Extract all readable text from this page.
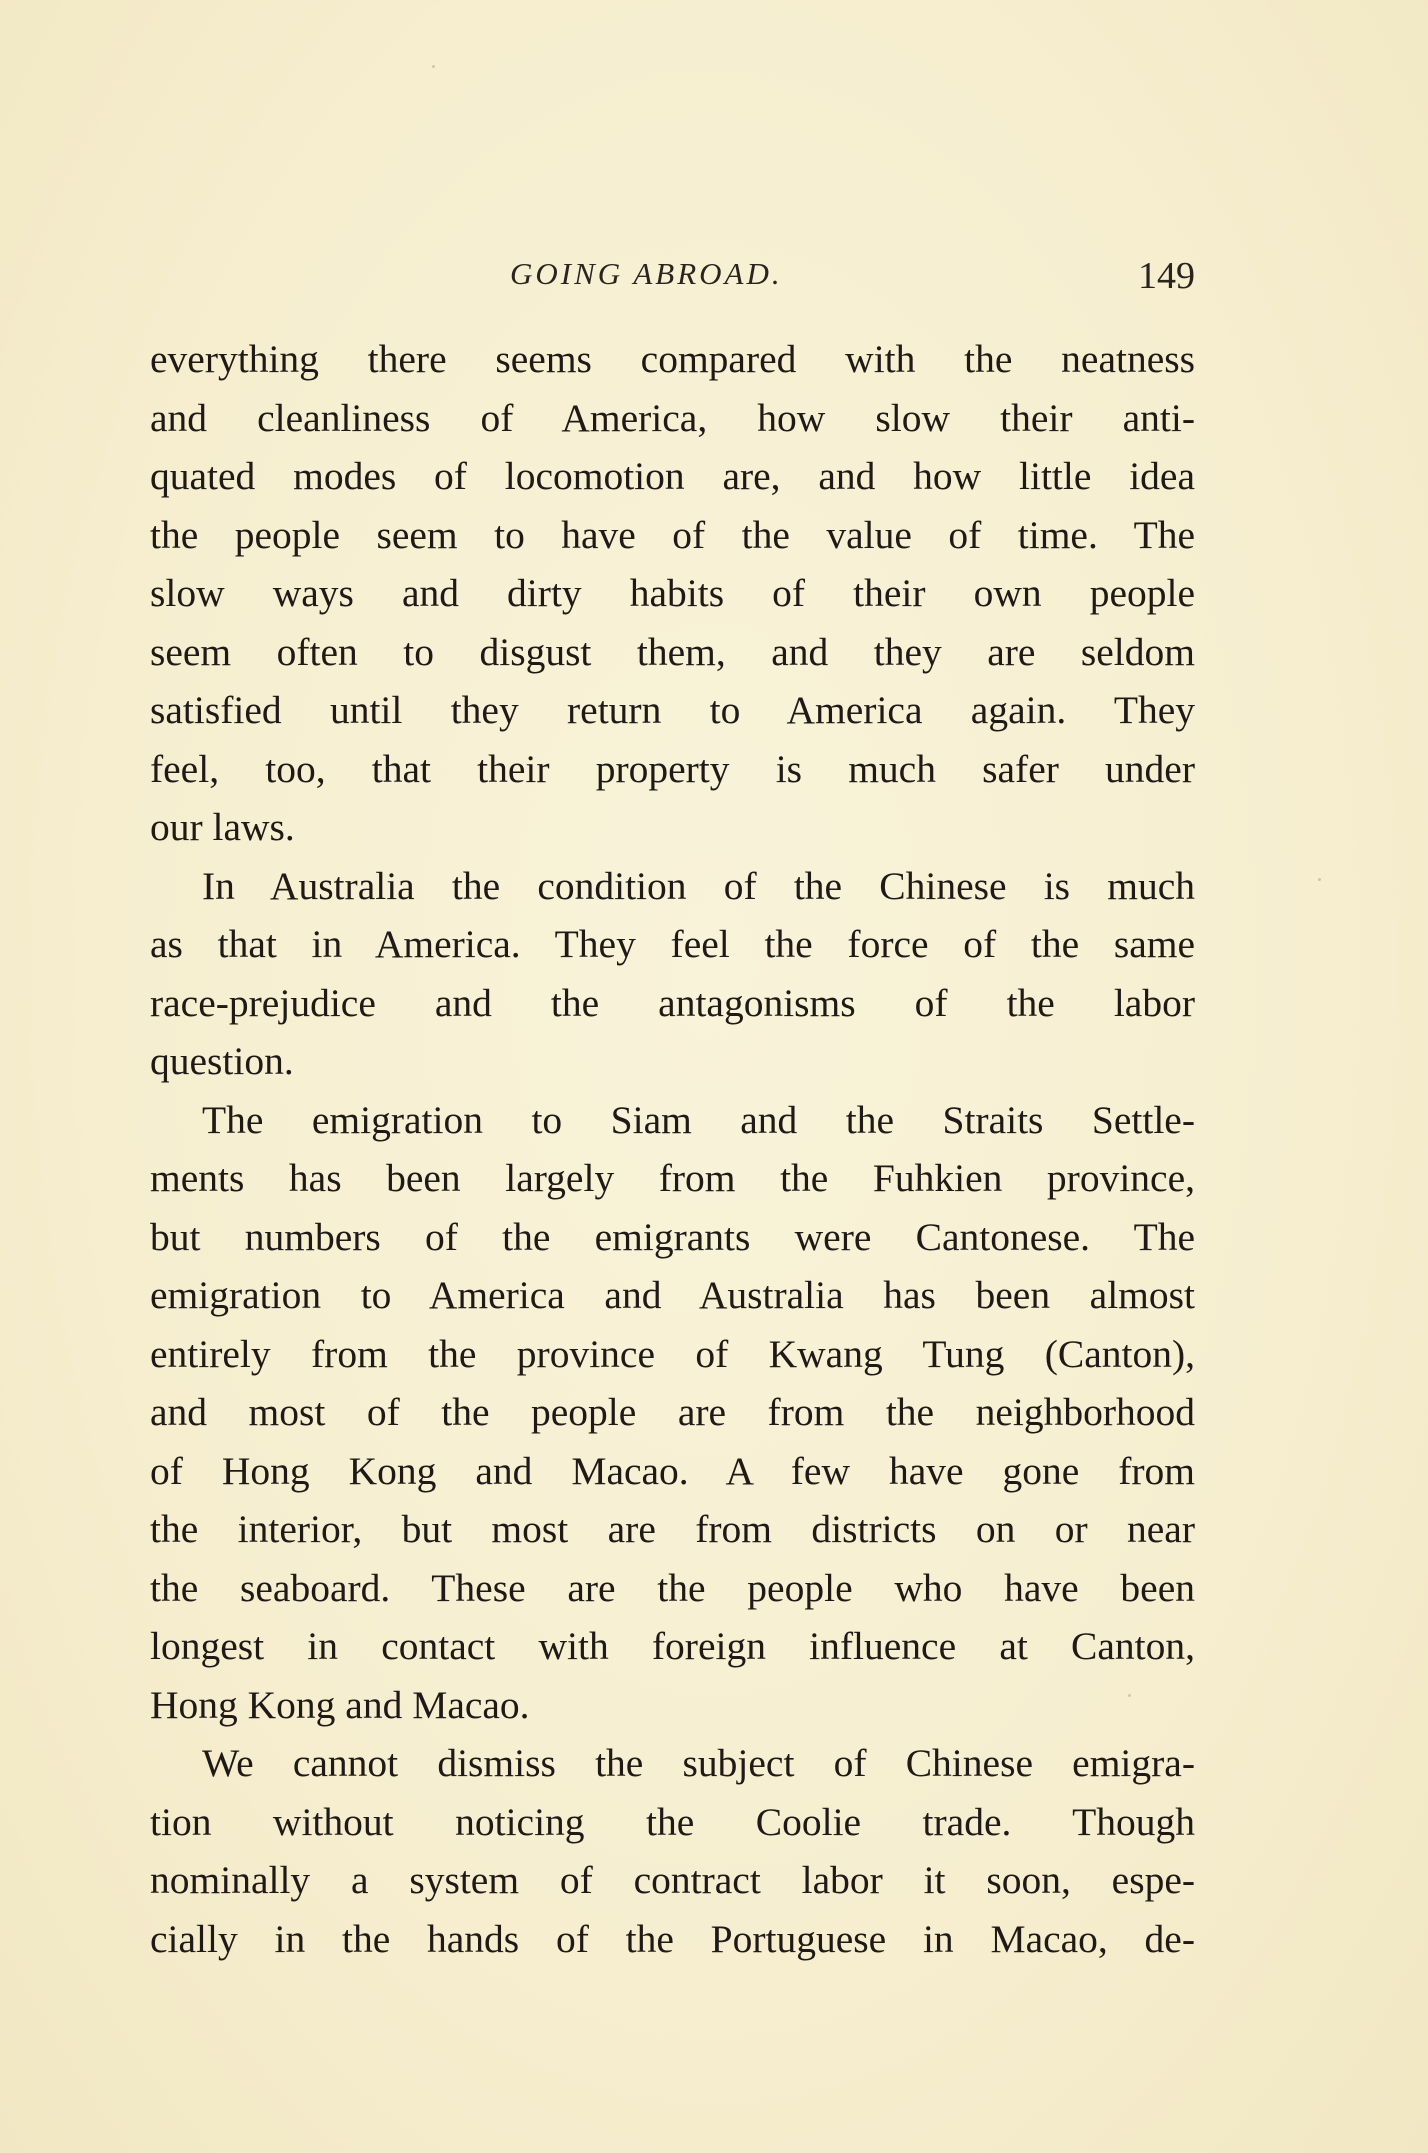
GOING ABROAD.	149
everything there seems compared with the neatness
and cleanliness of America, how slow their anti-
quated modes of locomotion are, and how little idea
the people seem to have of the value of time. The
slow ways and dirty habits of their own people
seem often to disgust them, and they are seldom
satisfied until they return to America again. They
feel, too, that their property is much safer under
our laws.
In Australia the condition of the Chinese is much
as that in America. They feel the force of the same
race-prejudice and the antagonisms of the labor
question.
The emigration to Siam and the Straits Settle-
ments has been largely from the Fuhkien province,
but numbers of the emigrants were Cantonese. The
emigration to America and Australia has been almost
entirely from the province of Kwang Tung (Canton),
and most of the people are from the neighborhood
of Hong Kong and Macao. A few have gone from
the interior, but most are from districts on or near
the seaboard. These are the people who have been
longest in contact with foreign influence at Canton,
Hong Kong and Macao.
We cannot dismiss the subject of Chinese emigra-
tion without noticing the Coolie trade. Though
nominally a system of contract labor it soon, espe-
cially in the hands of the Portuguese in Macao, de-
